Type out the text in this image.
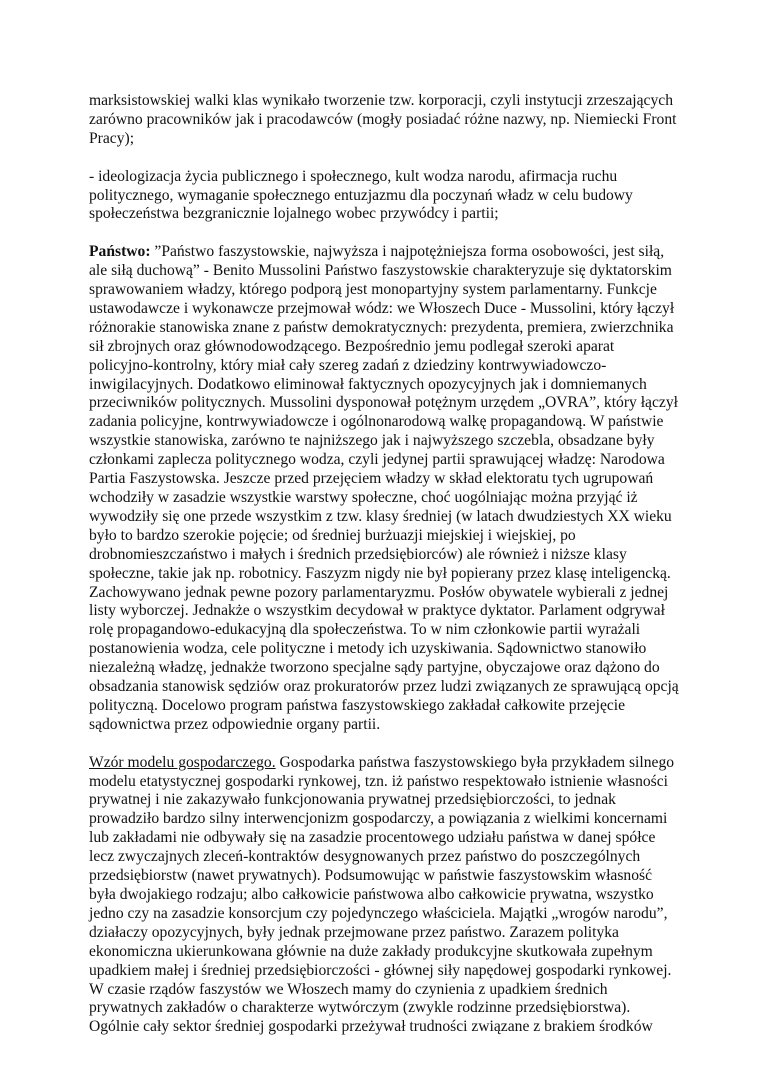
marksistowskiej walki klas wynikało tworzenie tzw. korporacji, czyli instytucji zrzeszających zarówno pracowników jak i pracodawców (mogły posiadać różne nazwy, np. Niemiecki Front Pracy);

- ideologizacja życia publicznego i społecznego, kult wodza narodu, afirmacja ruchu politycznego, wymaganie społecznego entuzjazmu dla poczynań władz w celu budowy społeczeństwa bezgranicznie lojalnego wobec przywódcy i partii;

Państwo: ”Państwo faszystowskie, najwyższa i najpotężniejsza forma osobowości, jest siłą, ale siłą duchową” - Benito Mussolini Państwo faszystowskie charakteryzuje się dyktatorskim sprawowaniem władzy, którego podporą jest monopartyjny system parlamentarny. Funkcje ustawodawcze i wykonawcze przejmował wódz: we Włoszech Duce - Mussolini, który łączył różnorakie stanowiska znane z państw demokratycznych: prezydenta, premiera, zwierzchnika sił zbrojnych oraz głównodowodzącego. Bezpośrednio jemu podlegał szeroki aparat policyjno-kontrolny, który miał cały szereg zadań z dziedziny kontrwywiadowczo-inwigilacyjnych. Dodatkowo eliminował faktycznych opozycyjnych jak i domniemanych przeciwników politycznych. Mussolini dysponował potężnym urzędem „OVRA”, który łączył zadania policyjne, kontrwywiadowcze i ogólnonarodową walkę propagandową. W państwie wszystkie stanowiska, zarówno te najniższego jak i najwyższego szczebla, obsadzane były członkami zaplecza politycznego wodza, czyli jedynej partii sprawującej władzę: Narodowa Partia Faszystowska. Jeszcze przed przejęciem władzy w skład elektoratu tych ugrupowań wchodziły w zasadzie wszystkie warstwy społeczne, choć uogólniając można przyjąć iż wywodziły się one przede wszystkim z tzw. klasy średniej (w latach dwudziestych XX wieku było to bardzo szerokie pojęcie; od średniej burżuazji miejskiej i wiejskiej, po drobnomieszczaństwo i małych i średnich przedsiębiorców) ale również i niższe klasy społeczne, takie jak np. robotnicy. Faszyzm nigdy nie był popierany przez klasę inteligencką. Zachowywano jednak pewne pozory parlamentaryzmu. Posłów obywatele wybierali z jednej listy wyborczej. Jednakże o wszystkim decydował w praktyce dyktator. Parlament odgrywał rolę propagandowo-edukacyjną dla społeczeństwa. To w nim członkowie partii wyrażali postanowienia wodza, cele polityczne i metody ich uzyskiwania. Sądownictwo stanowiło niezależną władzę, jednakże tworzono specjalne sądy partyjne, obyczajowe oraz dążono do obsadzania stanowisk sędziów oraz prokuratorów przez ludzi związanych ze sprawującą opcją polityczną. Docelowo program państwa faszystowskiego zakładał całkowite przejęcie sądownictwa przez odpowiednie organy partii.

Wzór modelu gospodarczego. Gospodarka państwa faszystowskiego była przykładem silnego modelu etatystycznej gospodarki rynkowej, tzn. iż państwo respektowało istnienie własności prywatnej i nie zakazywało funkcjonowania prywatnej przedsiębiorczości, to jednak prowadziło bardzo silny interwencjonizm gospodarczy, a powiązania z wielkimi koncernami lub zakładami nie odbywały się na zasadzie procentowego udziału państwa w danej spółce lecz zwyczajnych zleceń-kontraktów desygnowanych przez państwo do poszczególnych przedsiębiorstw (nawet prywatnych). Podsumowując w państwie faszystowskim własność była dwojakiego rodzaju; albo całkowicie państwowa albo całkowicie prywatna, wszystko jedno czy na zasadzie konsorcjum czy pojedynczego właściciela. Majątki „wrogów narodu”, działaczy opozycyjnych, były jednak przejmowane przez państwo. Zarazem polityka ekonomiczna ukierunkowana głównie na duże zakłady produkcyjne skutkowała zupełnym upadkiem małej i średniej przedsiębiorczości - głównej siły napędowej gospodarki rynkowej. W czasie rządów faszystów we Włoszech mamy do czynienia z upadkiem średnich prywatnych zakładów o charakterze wytwórczym (zwykle rodzinne przedsiębiorstwa). Ogólnie cały sektor średniej gospodarki przeżywał trudności związane z brakiem środków
